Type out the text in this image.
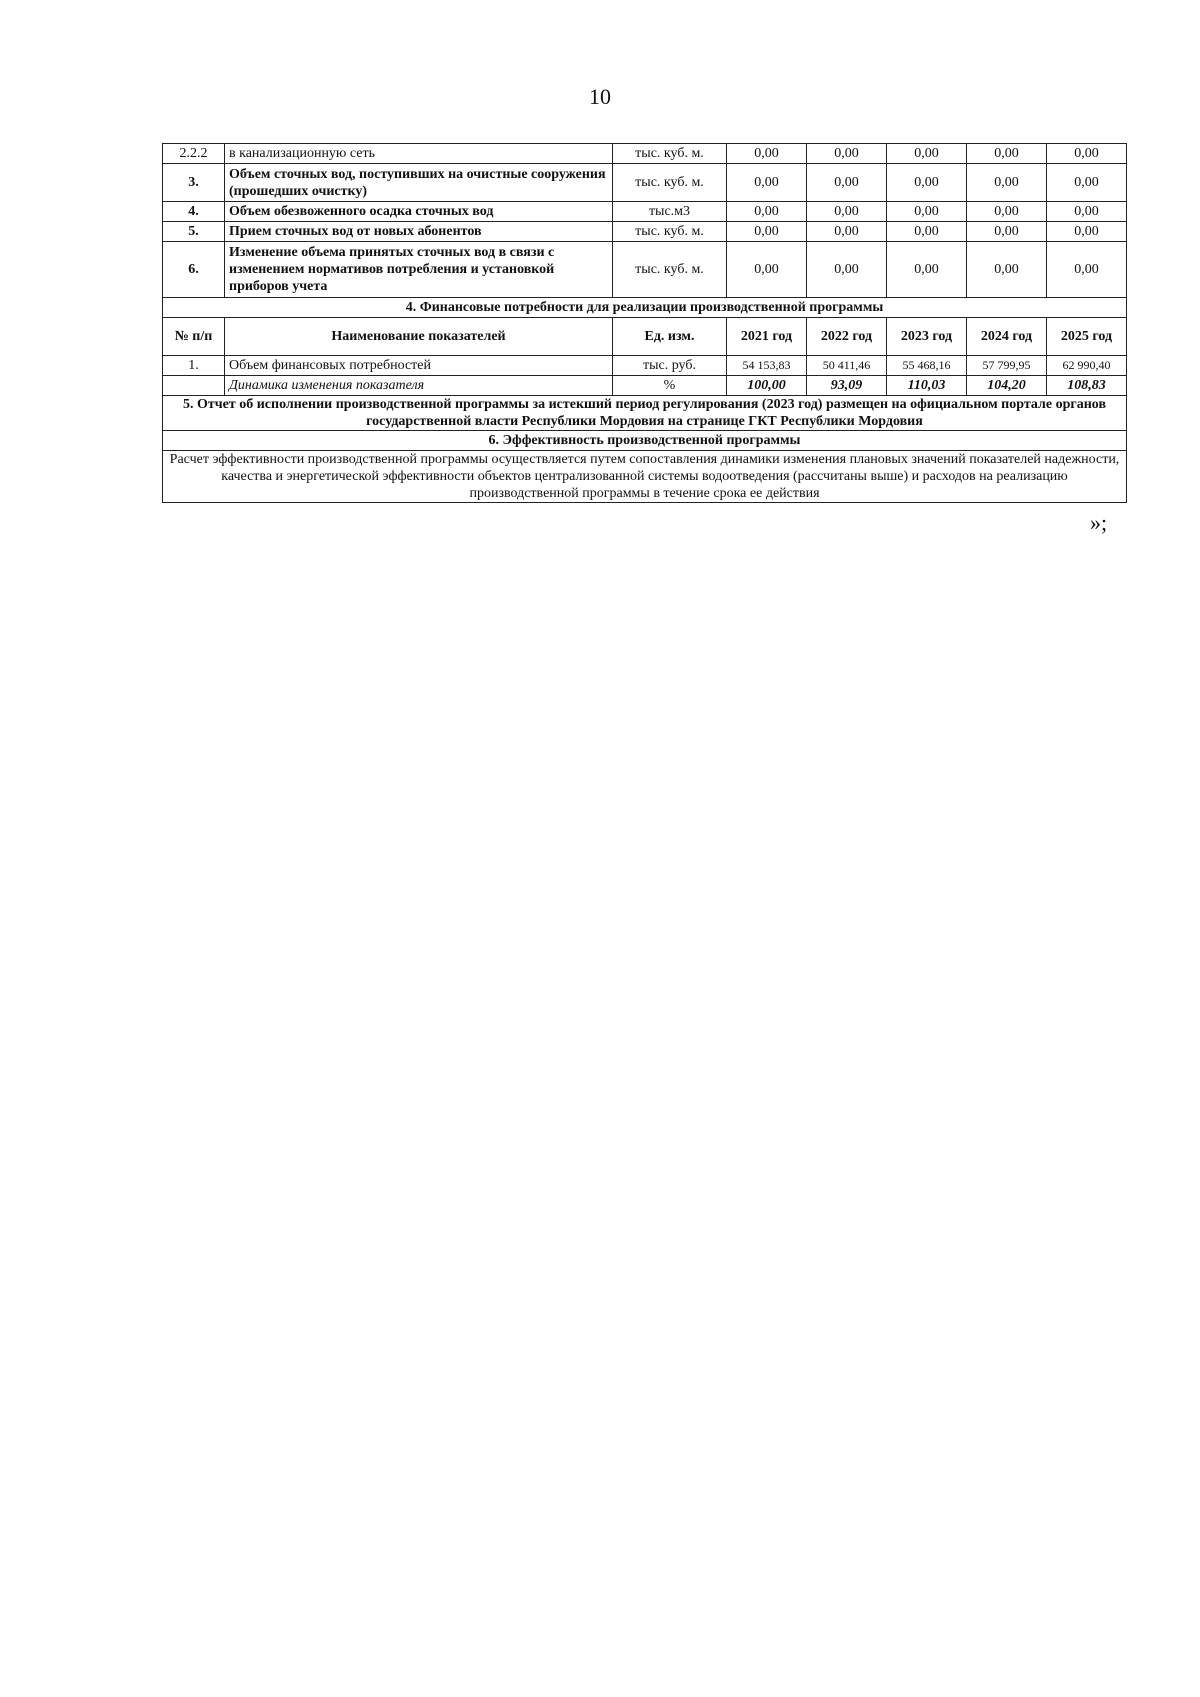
10
2.2.2	в канализационную сеть	тыс. куб. м.	0,00	0,00	0,00	0,00	0,00
3.	Объем сточных вод, поступивших на очистные сооружения (прошедших очистку)	тыс. куб. м.	0,00	0,00	0,00	0,00	0,00
4.	Объем обезвоженного осадка сточных вод	тыс.м3	0,00	0,00	0,00	0,00	0,00
5.	Прием сточных вод от новых абонентов	тыс. куб. м.	0,00	0,00	0,00	0,00	0,00
6.	Изменение объема принятых сточных вод в связи с изменением нормативов потребления и установкой приборов учета	тыс. куб. м.	0,00	0,00	0,00	0,00	0,00
4. Финансовые потребности для реализации производственной программы							
№ п/п	Наименование показателей	Ед. изм.	2021 год	2022 год	2023 год	2024 год	2025 год
1.	Объем финансовых потребностей	тыс. руб.	54 153,83	50 411,46	55 468,16	57 799,95	62 990,40
	Динамика изменения показателя	%	100,00	93,09	110,03	104,20	108,83
5. Отчет об исполнении производственной программы за истекший период регулирования (2023 год) размещен на официальном портале органов государственной власти Республики Мордовия на странице ГКТ Республики Мордовия							
6. Эффективность производственной программы							
Расчет эффективности производственной программы осуществляется путем сопоставления динамики изменения плановых значений показателей надежности, качества и энергетической эффективности объектов централизованной системы водоотведения (рассчитаны выше) и расходов на реализацию производственной программы в течение срока ее действия							
»;
